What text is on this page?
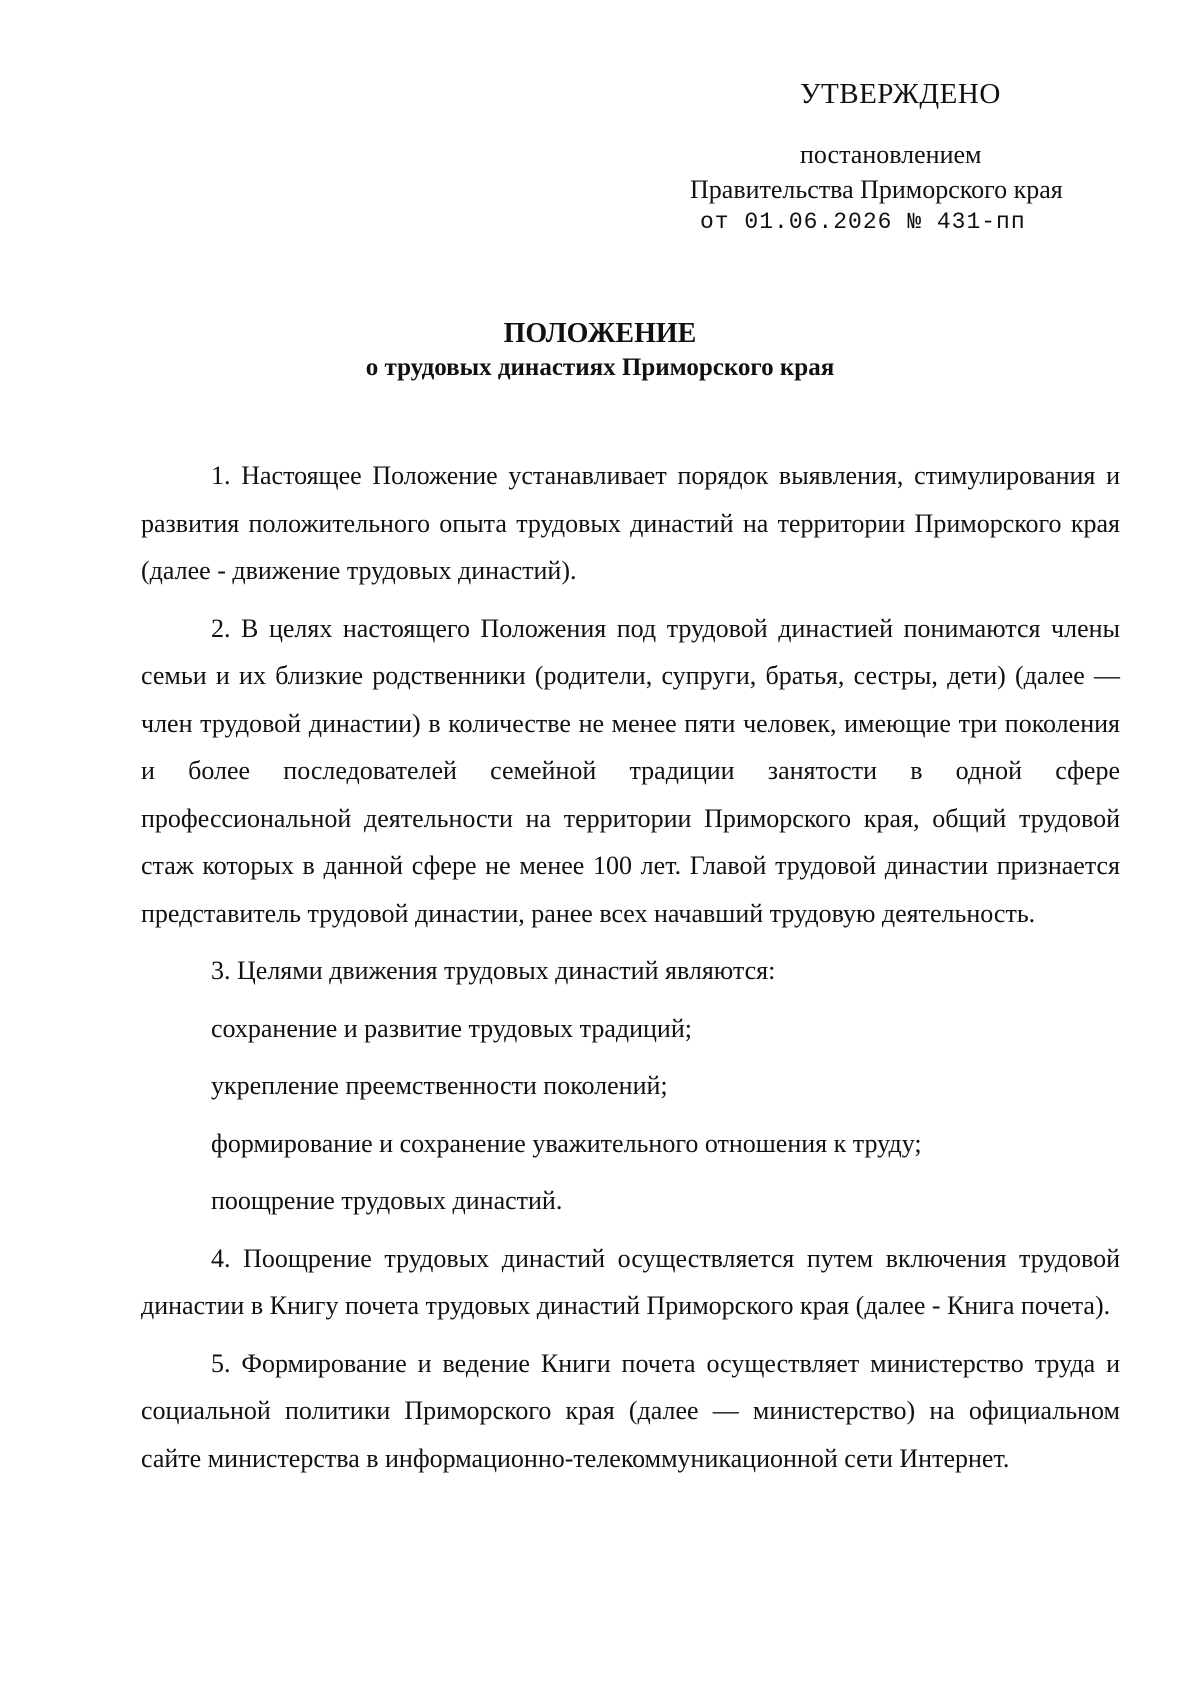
УТВЕРЖДЕНО
постановлением
Правительства Приморского края
от 01.06.2026 № 431-пп
ПОЛОЖЕНИЕ
о трудовых династиях Приморского края

1. Настоящее Положение устанавливает порядок выявления, стимулирования и развития положительного опыта трудовых династий на территории Приморского края (далее - движение трудовых династий).

2. В целях настоящего Положения под трудовой династией понимаются члены семьи и их близкие родственники (родители, супруги, братья, сестры, дети) (далее — член трудовой династии) в количестве не менее пяти человек, имеющие три поколения и более последователей семейной традиции занятости в одной сфере профессиональной деятельности на территории Приморского края, общий трудовой стаж которых в данной сфере не менее 100 лет. Главой трудовой династии признается представитель трудовой династии, ранее всех начавший трудовую деятельность.

3. Целями движения трудовых династий являются:

сохранение и развитие трудовых традиций;

укрепление преемственности поколений;

формирование и сохранение уважительного отношения к труду;

поощрение трудовых династий.

4. Поощрение трудовых династий осуществляется путем включения трудовой династии в Книгу почета трудовых династий Приморского края (далее - Книга почета).

5. Формирование и ведение Книги почета осуществляет министерство труда и социальной политики Приморского края (далее — министерство) на официальном сайте министерства в информационно-телекоммуникационной сети Интернет.
